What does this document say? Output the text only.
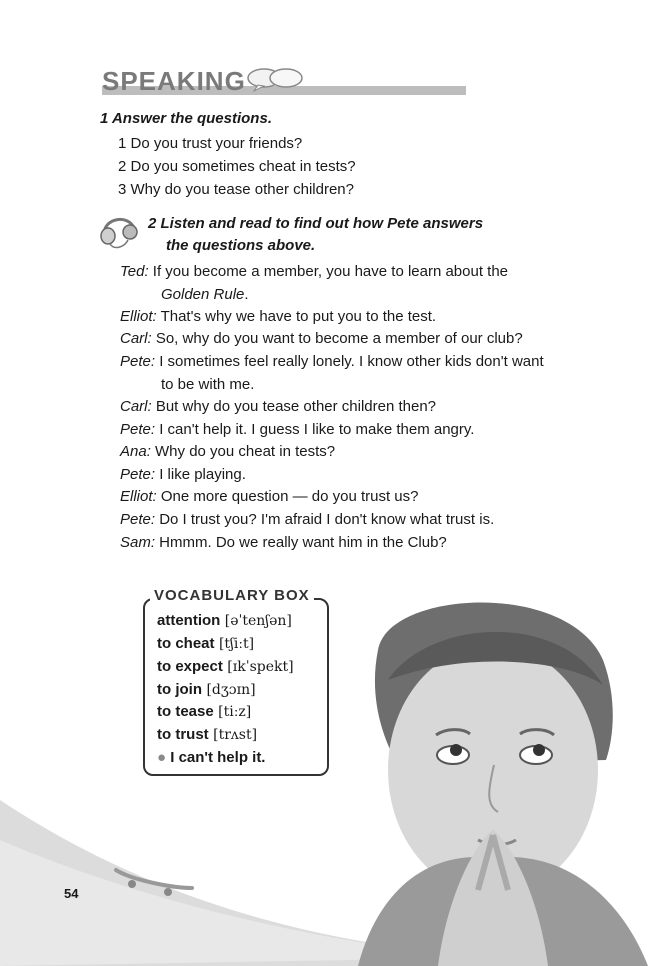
SPEAKING
1 Answer the questions.
1 Do you trust your friends?
2 Do you sometimes cheat in tests?
3 Why do you tease other children?
2 Listen and read to find out how Pete answers
the questions above.
Ted: If you become a member, you have to learn about the
Golden Rule.
Elliot: That's why we have to put you to the test.
Carl: So, why do you want to become a member of our club?
Pete: I sometimes feel really lonely. I know other kids don't want
to be with me.
Carl: But why do you tease other children then?
Pete: I can't help it. I guess I like to make them angry.
Ana: Why do you cheat in tests?
Pete: I like playing.
Elliot: One more question — do you trust us?
Pete: Do I trust you? I'm afraid I don't know what trust is.
Sam: Hmmm. Do we really want him in the Club?
VOCABULARY BOX
attention [əˈtenʃən]
to cheat [tʃiːt]
to expect [ɪkˈspekt]
to join [dʒɔɪn]
to tease [tiːz]
to trust [trʌst]
● I can't help it.
54
